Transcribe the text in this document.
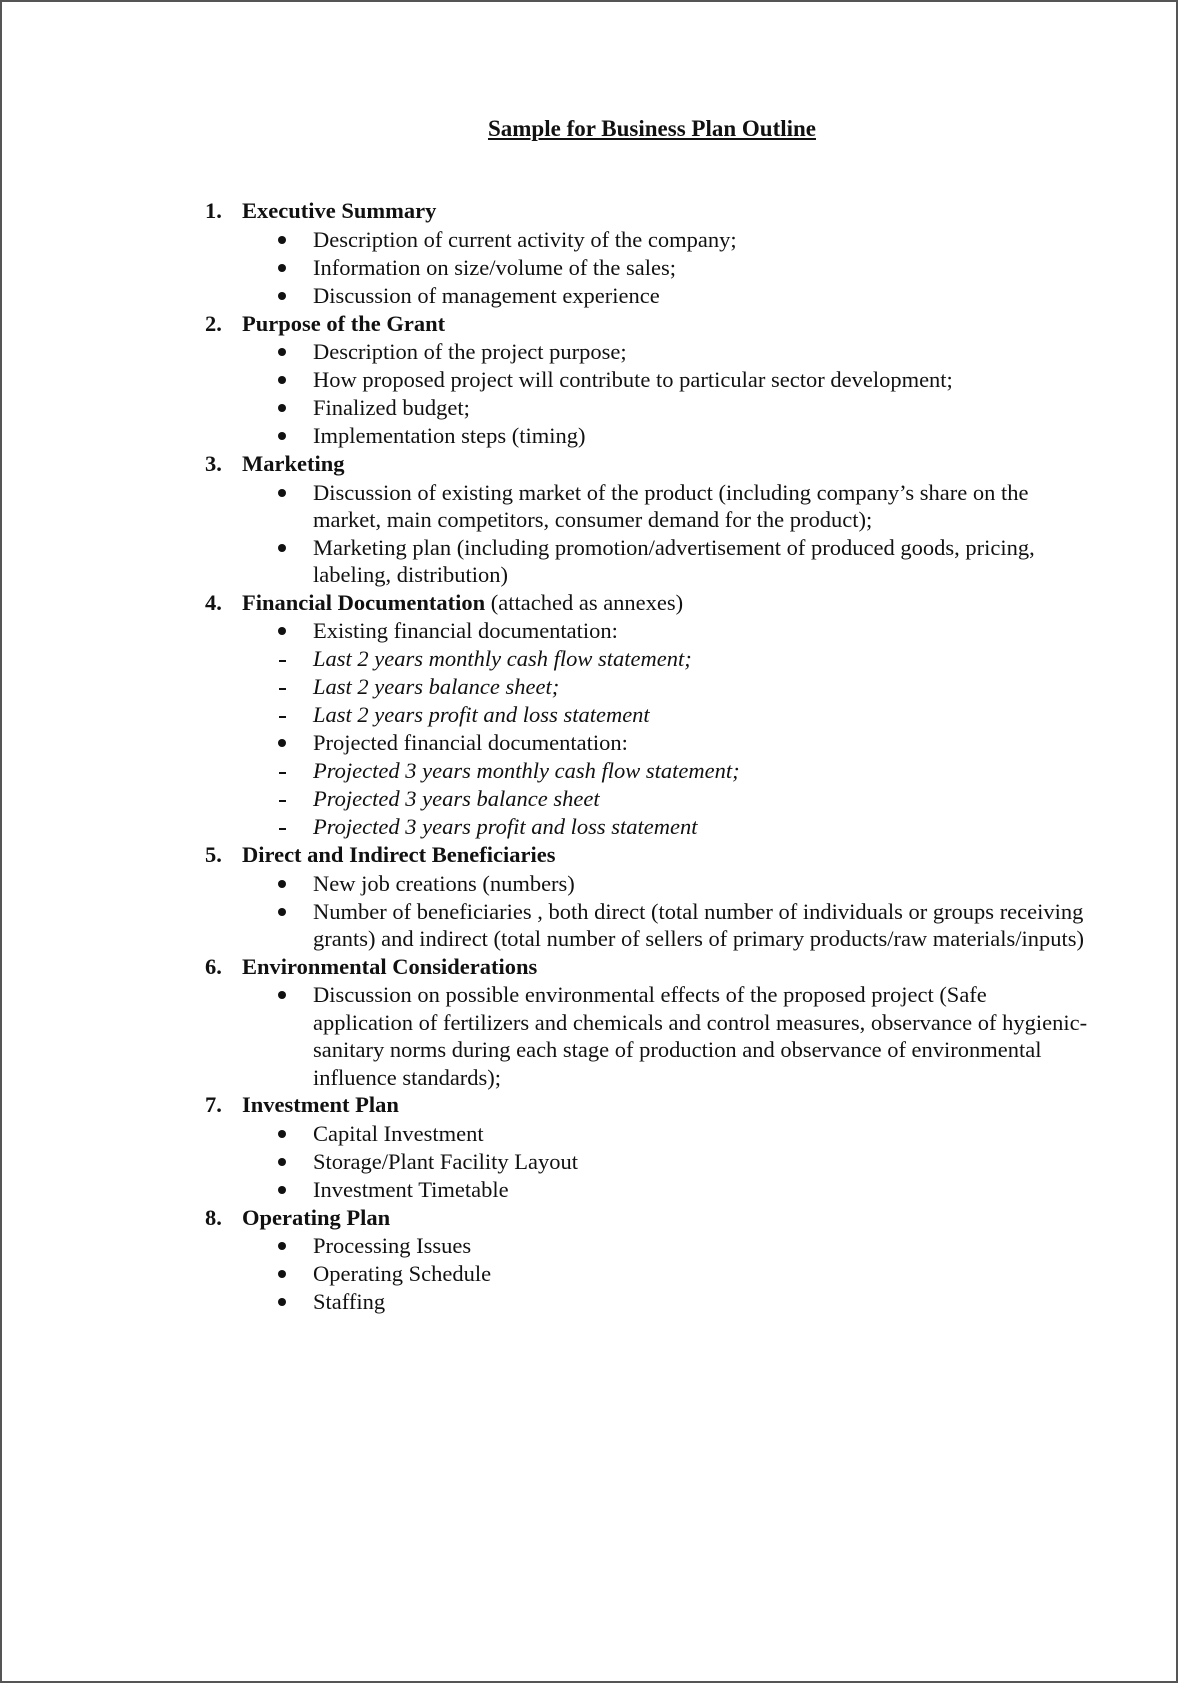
Sample for Business Plan Outline
1. Executive Summary
Description of current activity of the company;
Information on size/volume of the sales;
Discussion of management experience
2. Purpose of the Grant
Description of the project purpose;
How proposed project will contribute to particular sector development;
Finalized budget;
Implementation steps (timing)
3. Marketing
Discussion of existing market of the product (including company’s share on the market, main competitors, consumer demand for the product);
Marketing plan (including promotion/advertisement of produced goods, pricing, labeling, distribution)
4. Financial Documentation (attached as annexes)
Existing financial documentation:
Last 2 years monthly cash flow statement;
Last 2 years balance sheet;
Last 2 years profit and loss statement
Projected financial documentation:
Projected 3 years monthly cash flow statement;
Projected 3 years balance sheet
Projected 3 years profit and loss statement
5. Direct and Indirect Beneficiaries
New job creations (numbers)
Number of beneficiaries , both direct (total number of individuals or groups receiving grants) and indirect (total number of sellers of primary products/raw materials/inputs)
6. Environmental Considerations
Discussion on possible environmental effects of the proposed project (Safe application of fertilizers and chemicals and control measures, observance of hygienic-sanitary norms during each stage of production and observance of environmental influence standards);
7. Investment Plan
Capital Investment
Storage/Plant Facility Layout
Investment Timetable
8. Operating Plan
Processing Issues
Operating Schedule
Staffing
